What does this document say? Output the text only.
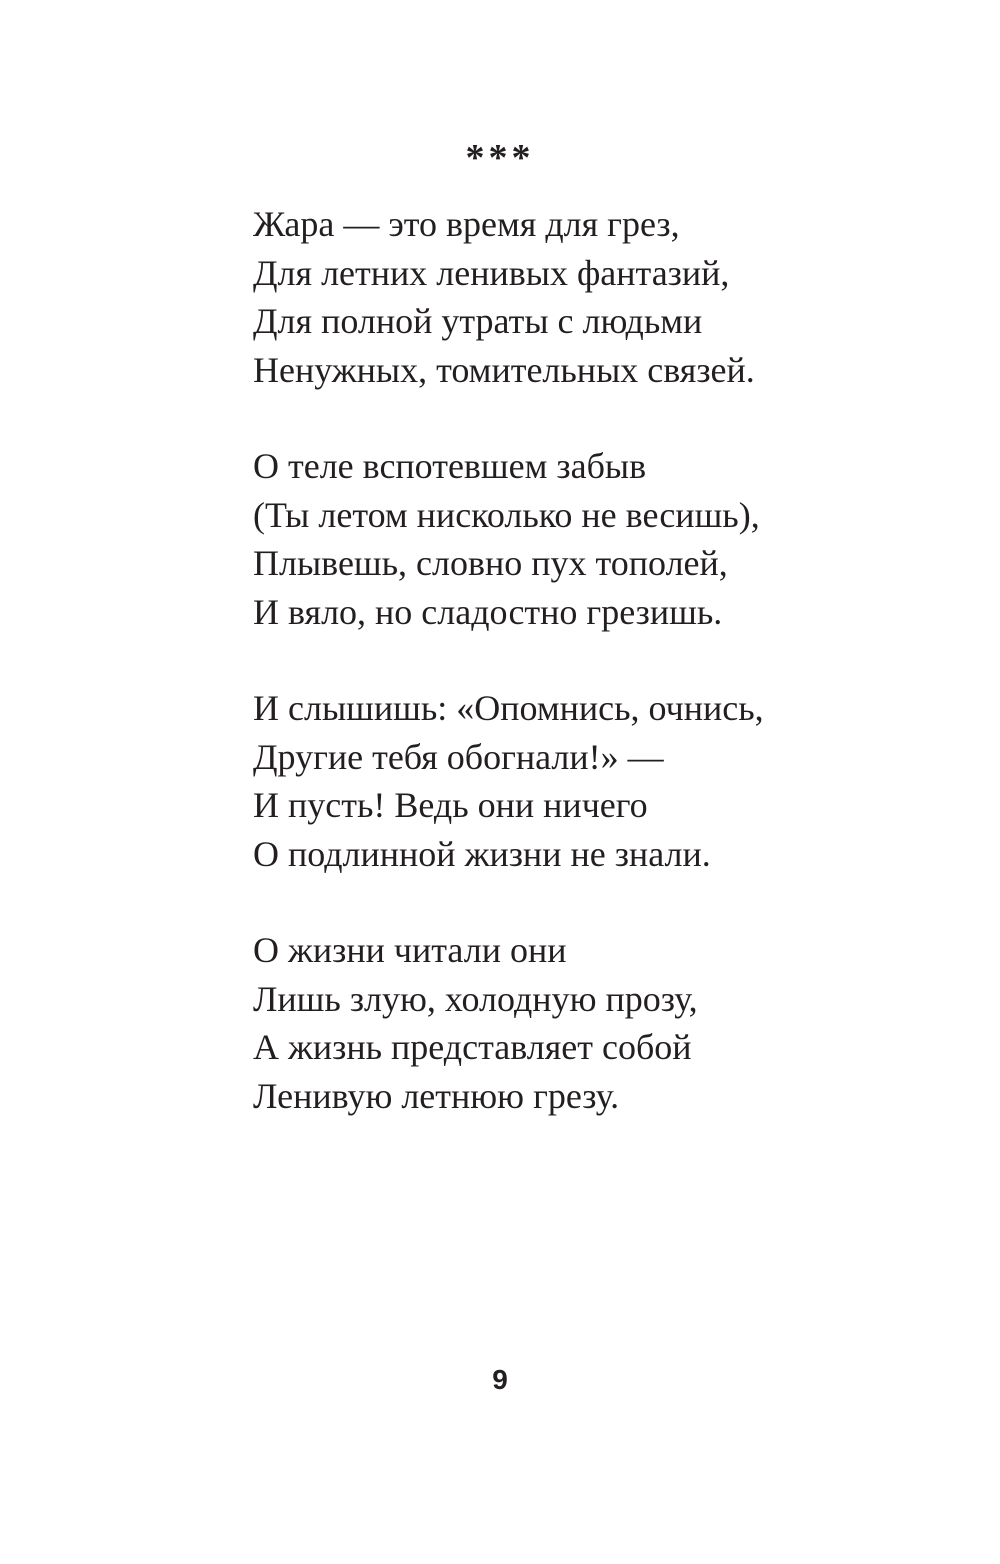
***
Жара — это время для грез,
Для летних ленивых фантазий,
Для полной утраты с людьми
Ненужных, томительных связей.
О теле вспотевшем забыв
(Ты летом нисколько не весишь),
Плывешь, словно пух тополей,
И вяло, но сладостно грезишь.
И слышишь: «Опомнись, очнись,
Другие тебя обогнали!» —
И пусть! Ведь они ничего
О подлинной жизни не знали.
О жизни читали они
Лишь злую, холодную прозу,
А жизнь представляет собой
Ленивую летнюю грезу.
9
